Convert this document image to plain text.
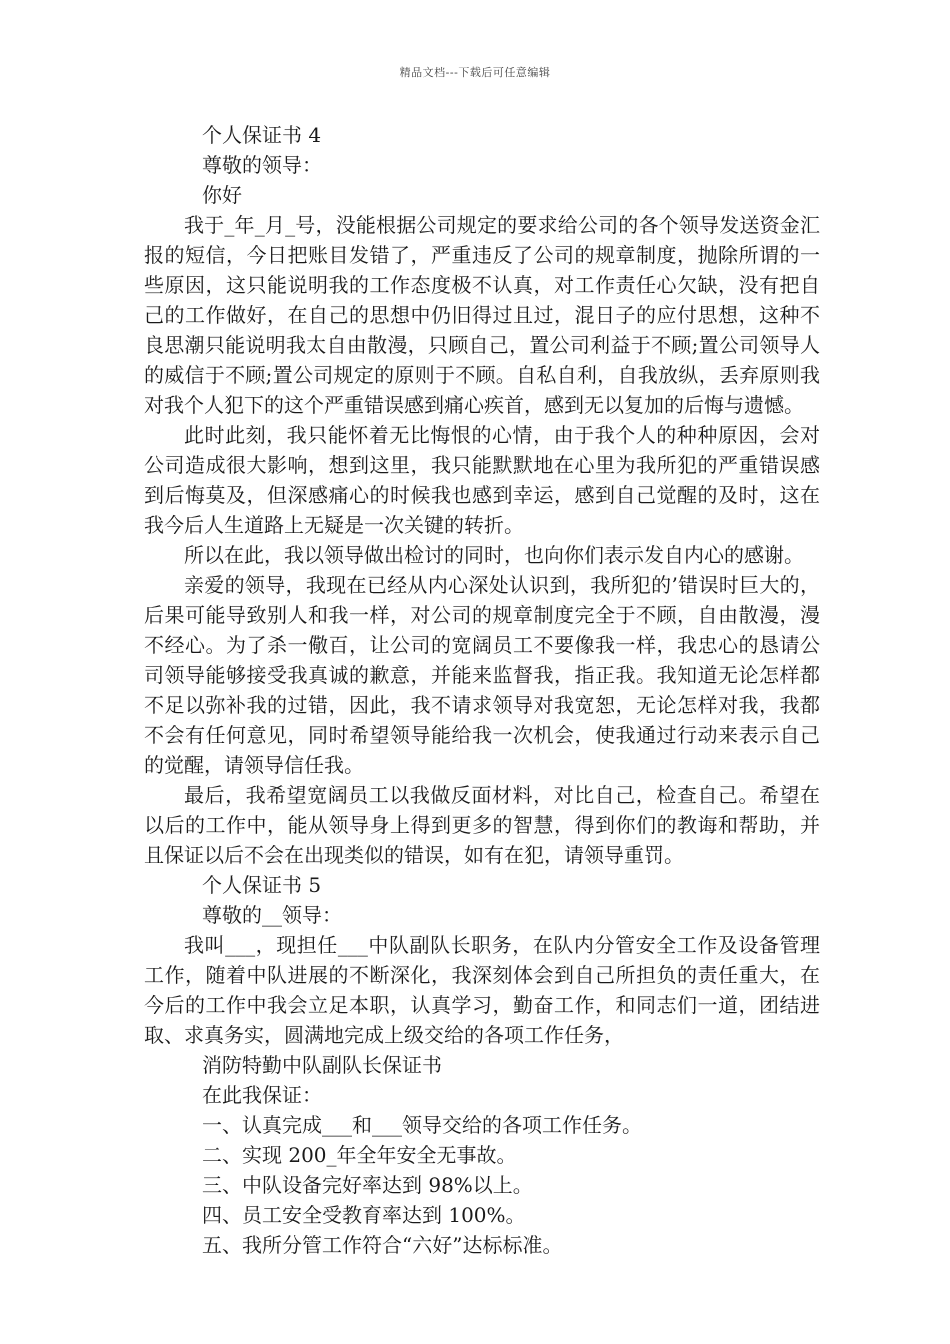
精品文档---下载后可任意编辑

个人保证书 4

尊敬的领导：

你好

我于_年_月_号，没能根据公司规定的要求给公司的各个领导发送资金汇报的短信，今日把账目发错了，严重违反了公司的规章制度，抛除所谓的一些原因，这只能说明我的工作态度极不认真，对工作责任心欠缺，没有把自己的工作做好，在自己的思想中仍旧得过且过，混日子的应付思想，这种不良思潮只能说明我太自由散漫，只顾自己，置公司利益于不顾;置公司领导人的威信于不顾;置公司规定的原则于不顾。自私自利，自我放纵，丢弃原则我对我个人犯下的这个严重错误感到痛心疾首，感到无以复加的后悔与遗憾。

此时此刻，我只能怀着无比悔恨的心情，由于我个人的种种原因，会对公司造成很大影响，想到这里，我只能默默地在心里为我所犯的严重错误感到后悔莫及，但深感痛心的时候我也感到幸运，感到自己觉醒的及时，这在我今后人生道路上无疑是一次关键的转折。

所以在此，我以领导做出检讨的同时，也向你们表示发自内心的感谢。

亲爱的领导，我现在已经从内心深处认识到，我所犯的’错误时巨大的，后果可能导致别人和我一样，对公司的规章制度完全于不顾，自由散漫，漫不经心。为了杀一儆百，让公司的宽阔员工不要像我一样，我忠心的恳请公司领导能够接受我真诚的歉意，并能来监督我，指正我。我知道无论怎样都不足以弥补我的过错，因此，我不请求领导对我宽恕，无论怎样对我，我都不会有任何意见，同时希望领导能给我一次机会，使我通过行动来表示自己的觉醒，请领导信任我。

最后，我希望宽阔员工以我做反面材料，对比自己，检查自己。希望在以后的工作中，能从领导身上得到更多的智慧，得到你们的教诲和帮助，并且保证以后不会在出现类似的错误，如有在犯，请领导重罚。

个人保证书 5

尊敬的__领导：

我叫___，现担任___中队副队长职务，在队内分管安全工作及设备管理工作，随着中队进展的不断深化，我深刻体会到自己所担负的责任重大，在今后的工作中我会立足本职，认真学习，勤奋工作，和同志们一道，团结进取、求真务实，圆满地完成上级交给的各项工作任务，

消防特勤中队副队长保证书

在此我保证：

一、认真完成___和___领导交给的各项工作任务。

二、实现 200_年全年安全无事故。

三、中队设备完好率达到 98%以上。

四、员工安全受教育率达到 100%。

五、我所分管工作符合“六好”达标标准。
